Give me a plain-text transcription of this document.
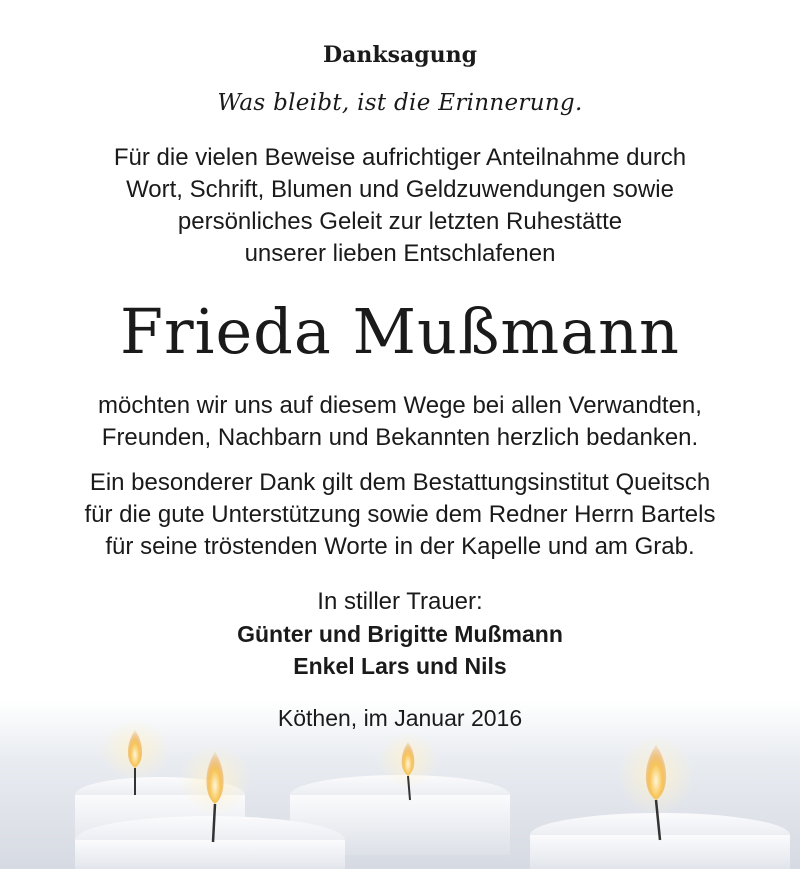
Danksagung
Was bleibt, ist die Erinnerung.
Für die vielen Beweise aufrichtiger Anteilnahme durch
Wort, Schrift, Blumen und Geldzuwendungen sowie
persönliches Geleit zur letzten Ruhestätte
unserer lieben Entschlafenen
Frieda Mußmann
möchten wir uns auf diesem Wege bei allen Verwandten,
Freunden, Nachbarn und Bekannten herzlich bedanken.
Ein besonderer Dank gilt dem Bestattungsinstitut Queitsch
für die gute Unterstützung sowie dem Redner Herrn Bartels
für seine tröstenden Worte in der Kapelle und am Grab.
In stiller Trauer:
Günter und Brigitte Mußmann
Enkel Lars und Nils
Köthen, im Januar 2016
